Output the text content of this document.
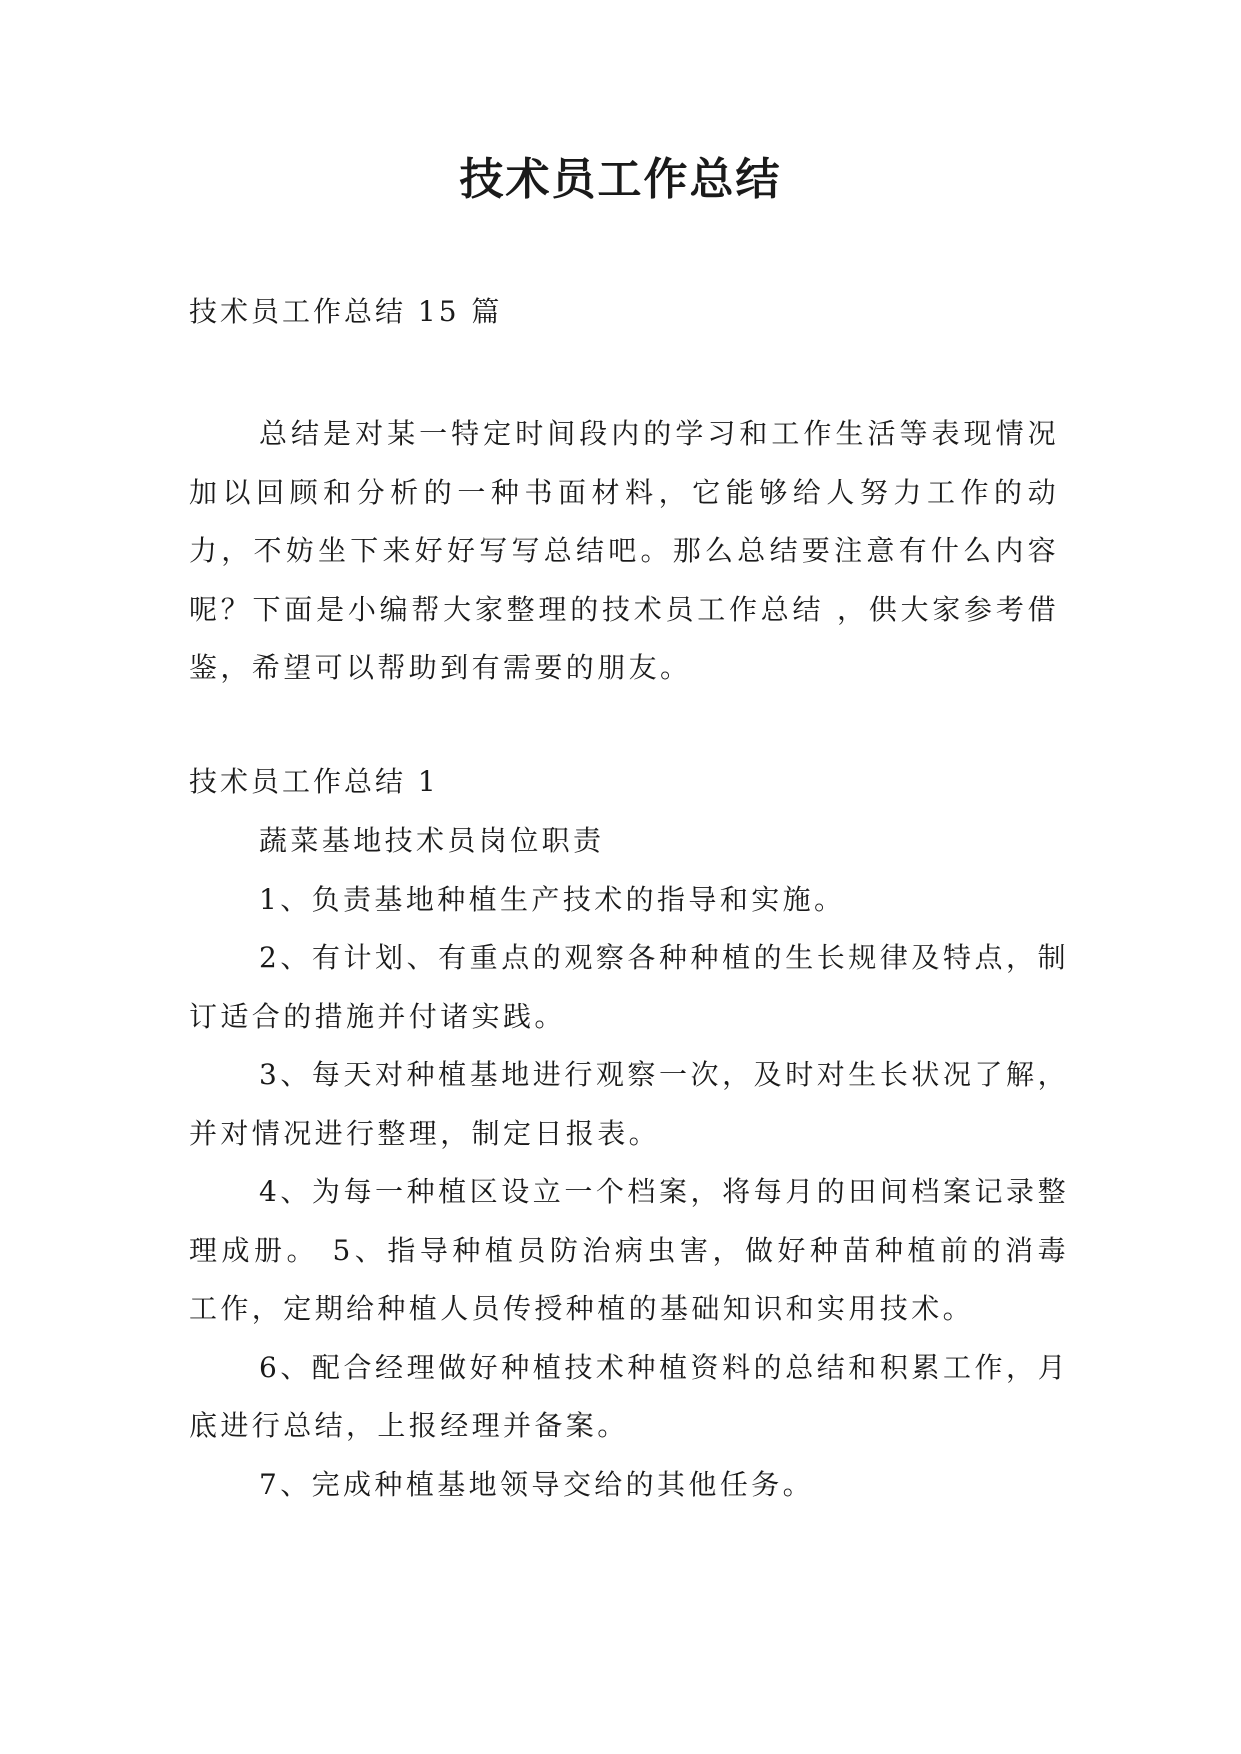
技术员工作总结

技术员工作总结 15 篇

总结是对某一特定时间段内的学习和工作生活等表现情况加以回顾和分析的一种书面材料，它能够给人努力工作的动力，不妨坐下来好好写写总结吧。那么总结要注意有什么内容呢？下面是小编帮大家整理的技术员工作总结 ，供大家参考借鉴，希望可以帮助到有需要的朋友。

技术员工作总结 1

蔬菜基地技术员岗位职责

1、负责基地种植生产技术的指导和实施。

2、有计划、有重点的观察各种种植的生长规律及特点，制订适合的措施并付诸实践。

3、每天对种植基地进行观察一次，及时对生长状况了解，并对情况进行整理，制定日报表。

4、为每一种植区设立一个档案，将每月的田间档案记录整理成册。 5、指导种植员防治病虫害，做好种苗种植前的消毒工作，定期给种植人员传授种植的基础知识和实用技术。

6、配合经理做好种植技术种植资料的总结和积累工作，月底进行总结，上报经理并备案。

7、完成种植基地领导交给的其他任务。
